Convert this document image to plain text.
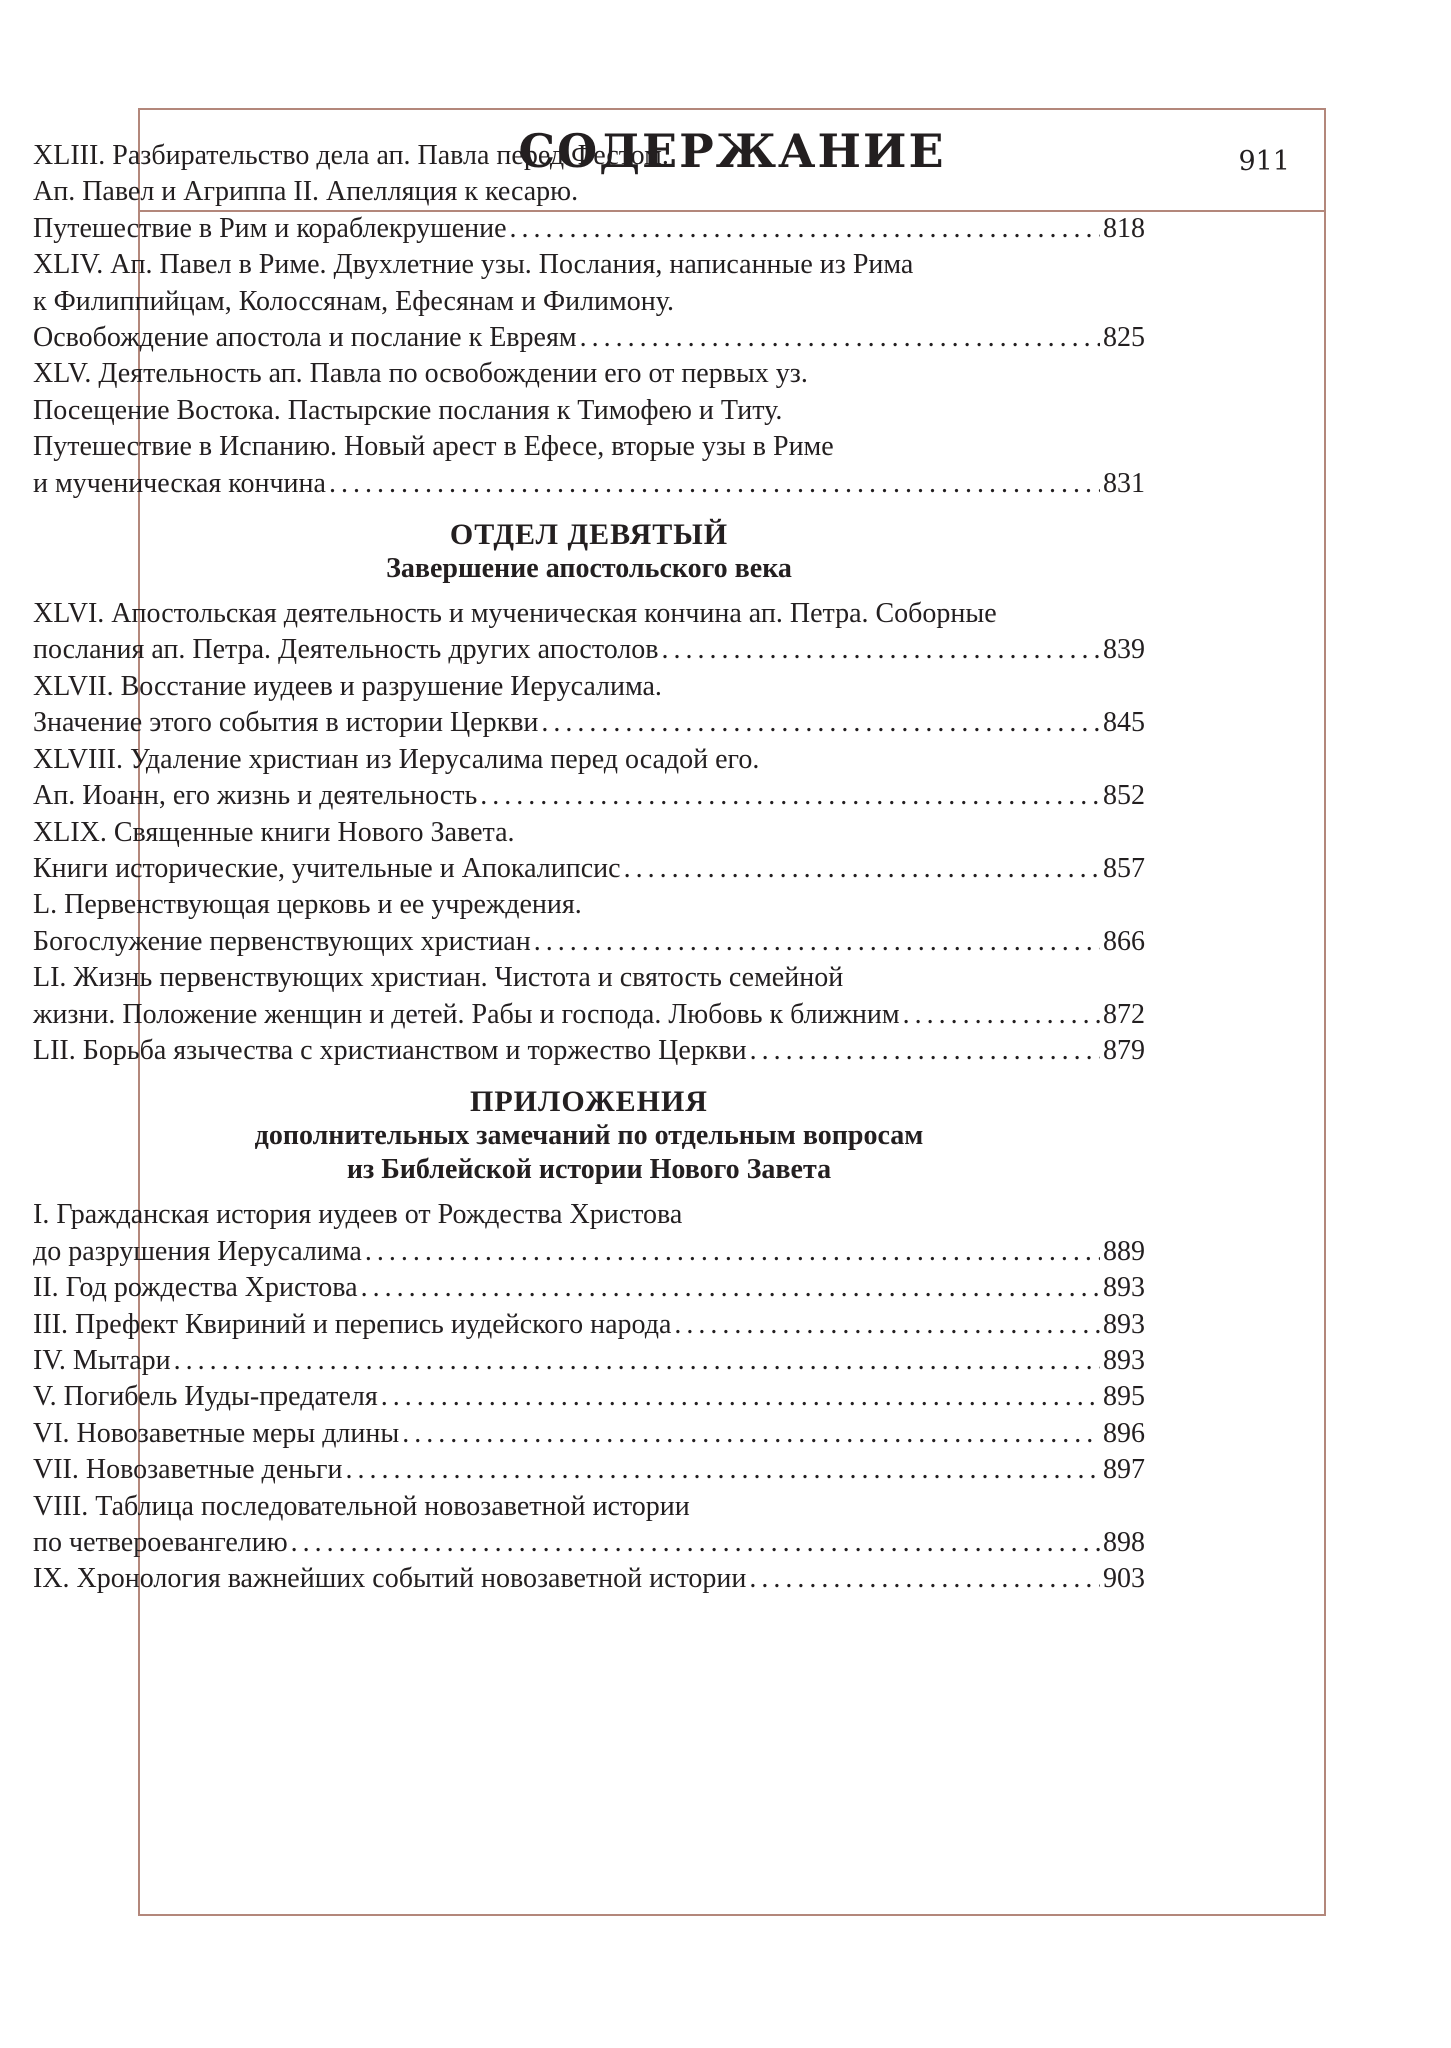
СОДЕРЖАНИЕ	911
XLIII. Разбирательство дела ап. Павла перед Фестом.
Ап. Павел и Агриппа II. Апелляция к кесарю.
Путешествие в Рим и кораблекрушение . . .	818
XLIV. Ап. Павел в Риме. Двухлетние узы. Послания, написанные из Рима
к Филиппийцам, Колоссянам, Ефесянам и Филимону.
Освобождение апостола и послание к Евреям . . .	825
XLV. Деятельность ап. Павла по освобождении его от первых уз.
Посещение Востока. Пастырские послания к Тимофею и Титу.
Путешествие в Испанию. Новый арест в Ефесе, вторые узы в Риме
и мученическая кончина . . .	831
ОТДЕЛ ДЕВЯТЫЙ
Завершение апостольского века
XLVI. Апостольская деятельность и мученическая кончина ап. Петра. Соборные
послания ап. Петра. Деятельность других апостолов . . .	839
XLVII. Восстание иудеев и разрушение Иерусалима.
Значение этого события в истории Церкви . . .	845
XLVIII. Удаление христиан из Иерусалима перед осадой его.
Ап. Иоанн, его жизнь и деятельность . . .	852
XLIX. Священные книги Нового Завета.
Книги исторические, учительные и Апокалипсис . . .	857
L. Первенствующая церковь и ее учреждения.
Богослужение первенствующих христиан . . .	866
LI. Жизнь первенствующих христиан. Чистота и святость семейной
жизни. Положение женщин и детей. Рабы и господа. Любовь к ближним . . .	872
LII. Борьба язычества с христианством и торжество Церкви . . .	879
ПРИЛОЖЕНИЯ
дополнительных замечаний по отдельным вопросам
из Библейской истории Нового Завета
I. Гражданская история иудеев от Рождества Христова
до разрушения Иерусалима . . .	889
II. Год рождества Христова . . .	893
III. Префект Квириний и перепись иудейского народа . . .	893
IV. Мытари . . .	893
V. Погибель Иуды-предателя . . .	895
VI. Новозаветные меры длины . . .	896
VII. Новозаветные деньги . . .	897
VIII. Таблица последовательной новозаветной истории
по четвероевангелию . . .	898
IX. Хронология важнейших событий новозаветной истории . . .	903
